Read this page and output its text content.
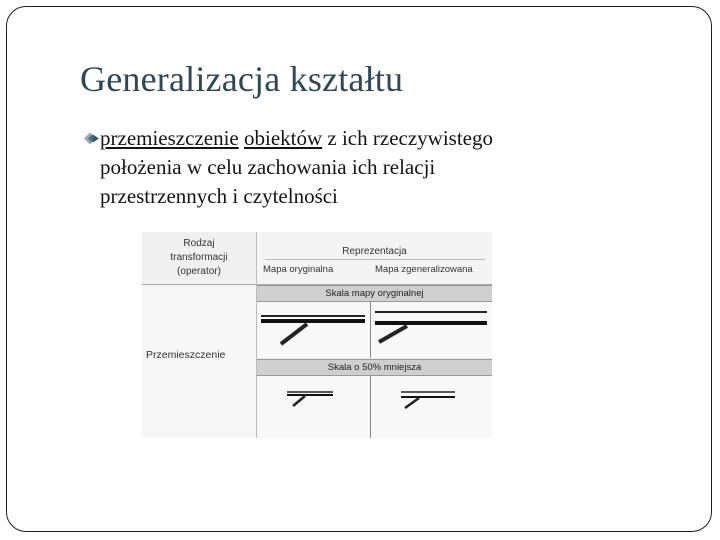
Generalizacja kształtu
przemieszczenie obiektów z ich rzeczywistego
położenia w celu zachowania ich relacji
przestrzennych i czytelności
Rodzaj
transformacji
(operator)
Reprezentacja
Mapa oryginalna	Mapa zgeneralizowana
Przemieszczenie
Skala mapy oryginalnej
Skala o 50% mniejsza
